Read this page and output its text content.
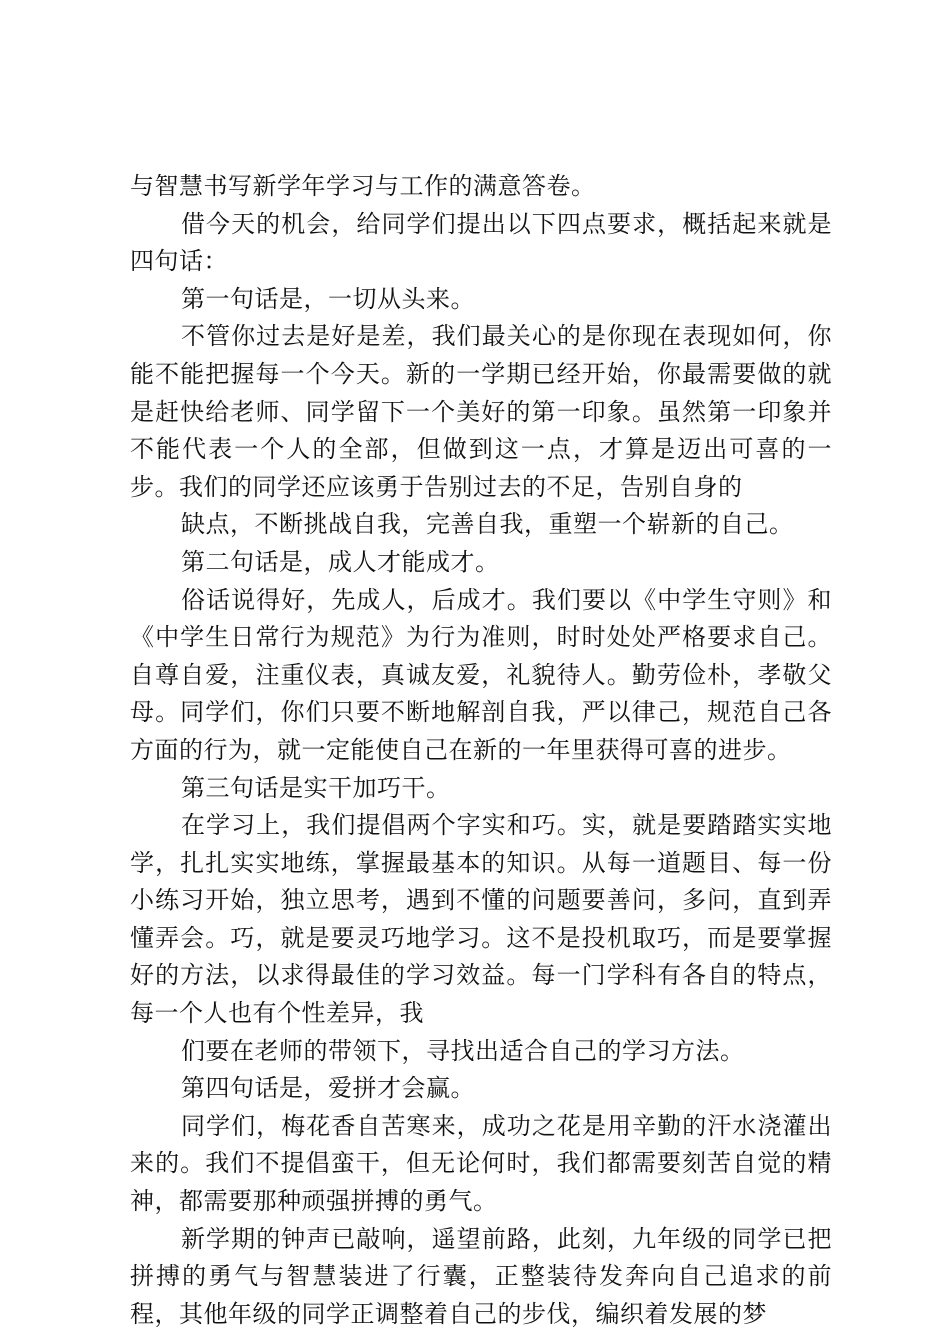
与智慧书写新学年学习与工作的满意答卷。

借今天的机会，给同学们提出以下四点要求，概括起来就是四句话：

第一句话是，一切从头来。

不管你过去是好是差，我们最关心的是你现在表现如何，你能不能把握每一个今天。新的一学期已经开始，你最需要做的就是赶快给老师、同学留下一个美好的第一印象。虽然第一印象并不能代表一个人的全部，但做到这一点，才算是迈出可喜的一步。我们的同学还应该勇于告别过去的不足，告别自身的

缺点，不断挑战自我，完善自我，重塑一个崭新的自己。

第二句话是，成人才能成才。

俗话说得好，先成人，后成才。我们要以《中学生守则》和《中学生日常行为规范》为行为准则，时时处处严格要求自己。自尊自爱，注重仪表，真诚友爱，礼貌待人。勤劳俭朴，孝敬父母。同学们，你们只要不断地解剖自我，严以律己，规范自己各方面的行为，就一定能使自己在新的一年里获得可喜的进步。

第三句话是实干加巧干。

在学习上，我们提倡两个字实和巧。实，就是要踏踏实实地学，扎扎实实地练，掌握最基本的知识。从每一道题目、每一份小练习开始，独立思考，遇到不懂的问题要善问，多问，直到弄懂弄会。巧，就是要灵巧地学习。这不是投机取巧，而是要掌握好的方法，以求得最佳的学习效益。每一门学科有各自的特点，每一个人也有个性差异，我

们要在老师的带领下，寻找出适合自己的学习方法。

第四句话是，爱拼才会赢。

同学们，梅花香自苦寒来，成功之花是用辛勤的汗水浇灌出来的。我们不提倡蛮干，但无论何时，我们都需要刻苦自觉的精神，都需要那种顽强拼搏的勇气。

新学期的钟声已敲响，遥望前路，此刻，九年级的同学已把拼搏的勇气与智慧装进了行囊，正整装待发奔向自己追求的前程，其他年级的同学正调整着自己的步伐，编织着发展的梦
